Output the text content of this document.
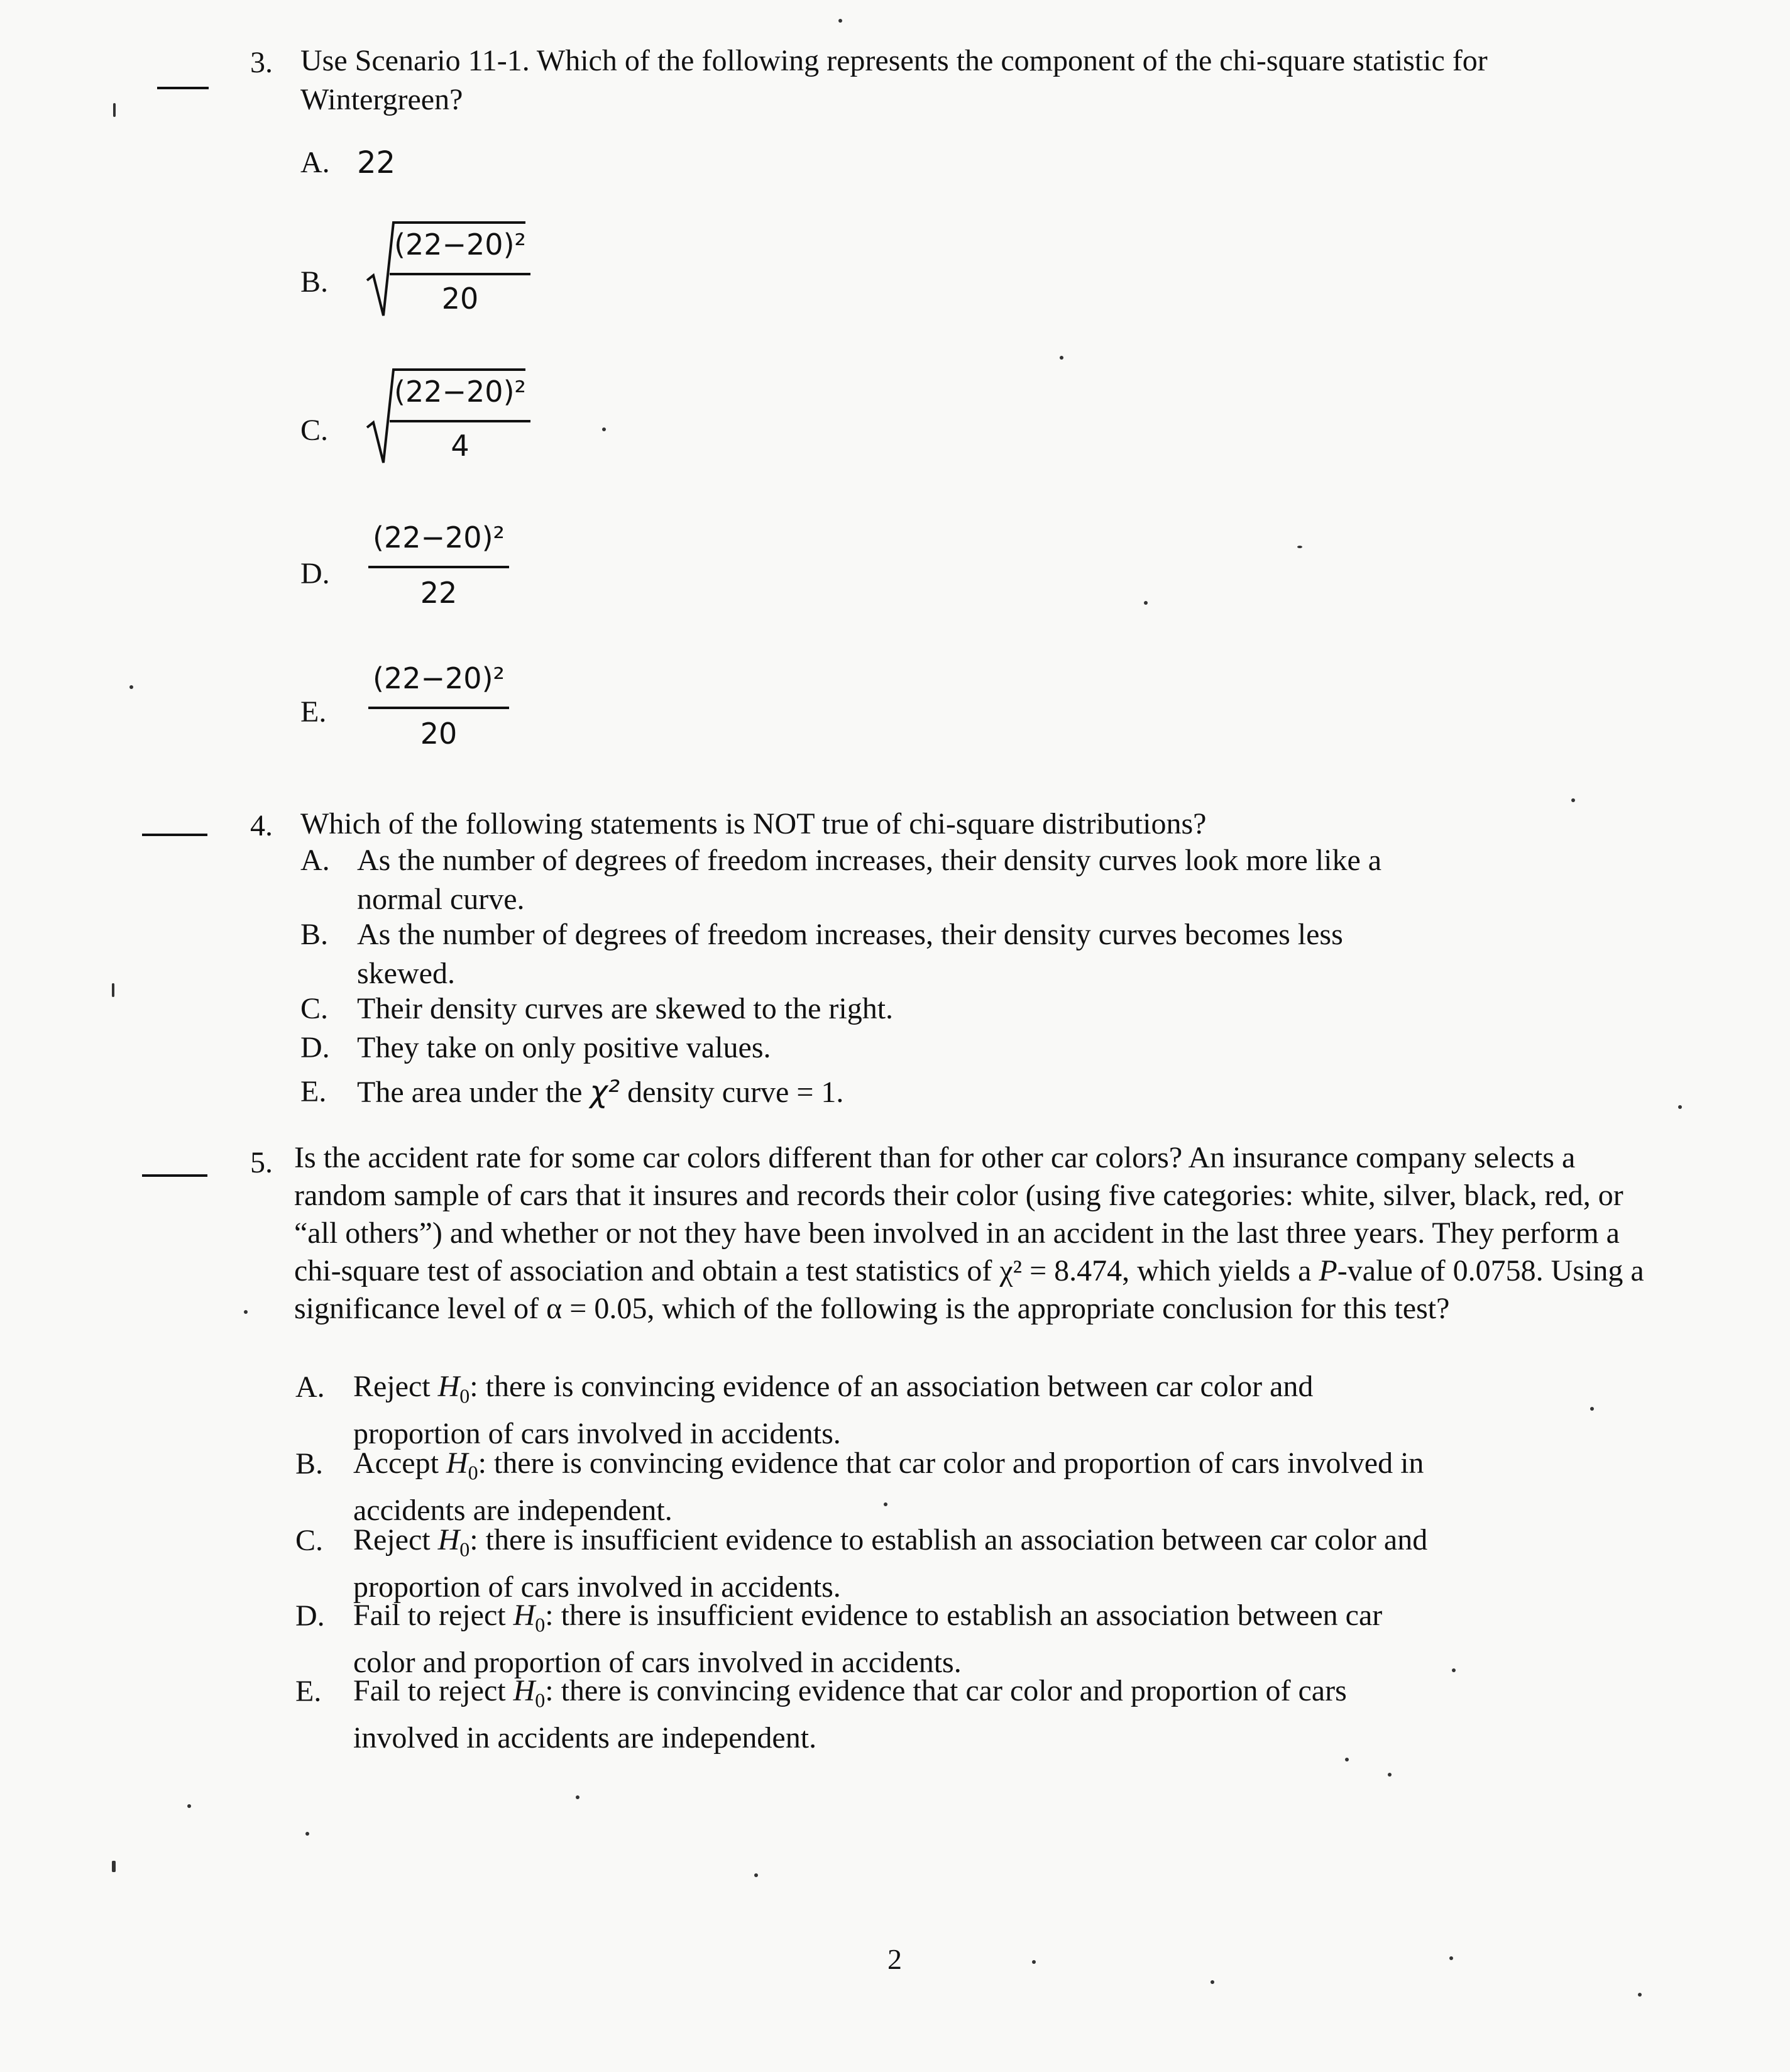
3. Use Scenario 11-1. Which of the following represents the component of the chi-square statistic for
Wintergreen?
A. 22
B.
(22−20)²
20
C.
(22−20)²
4
D.
(22−20)²
22
E.
(22−20)²
20
4. Which of the following statements is NOT true of chi-square distributions?
A. As the number of degrees of freedom increases, their density curves look more like a normal curve.
B. As the number of degrees of freedom increases, their density curves becomes less skewed.
C. Their density curves are skewed to the right.
D. They take on only positive values.
E. The area under the χ² density curve = 1.
5. Is the accident rate for some car colors different than for other car colors? An insurance company selects a random sample of cars that it insures and records their color (using five categories: white, silver, black, red, or “all others”) and whether or not they have been involved in an accident in the last three years. They perform a chi-square test of association and obtain a test statistics of χ² = 8.474, which yields a P-value of 0.0758. Using a significance level of α = 0.05, which of the following is the appropriate conclusion for this test?
A. Reject $H_0$: there is convincing evidence of an association between car color and proportion of cars involved in accidents.
B. Accept $H_0$: there is convincing evidence that car color and proportion of cars involved in accidents are independent.
C. Reject $H_0$: there is insufficient evidence to establish an association between car color and proportion of cars involved in accidents.
D. Fail to reject $H_0$: there is insufficient evidence to establish an association between car color and proportion of cars involved in accidents.
E. Fail to reject $H_0$: there is convincing evidence that car color and proportion of cars involved in accidents are independent.
2
